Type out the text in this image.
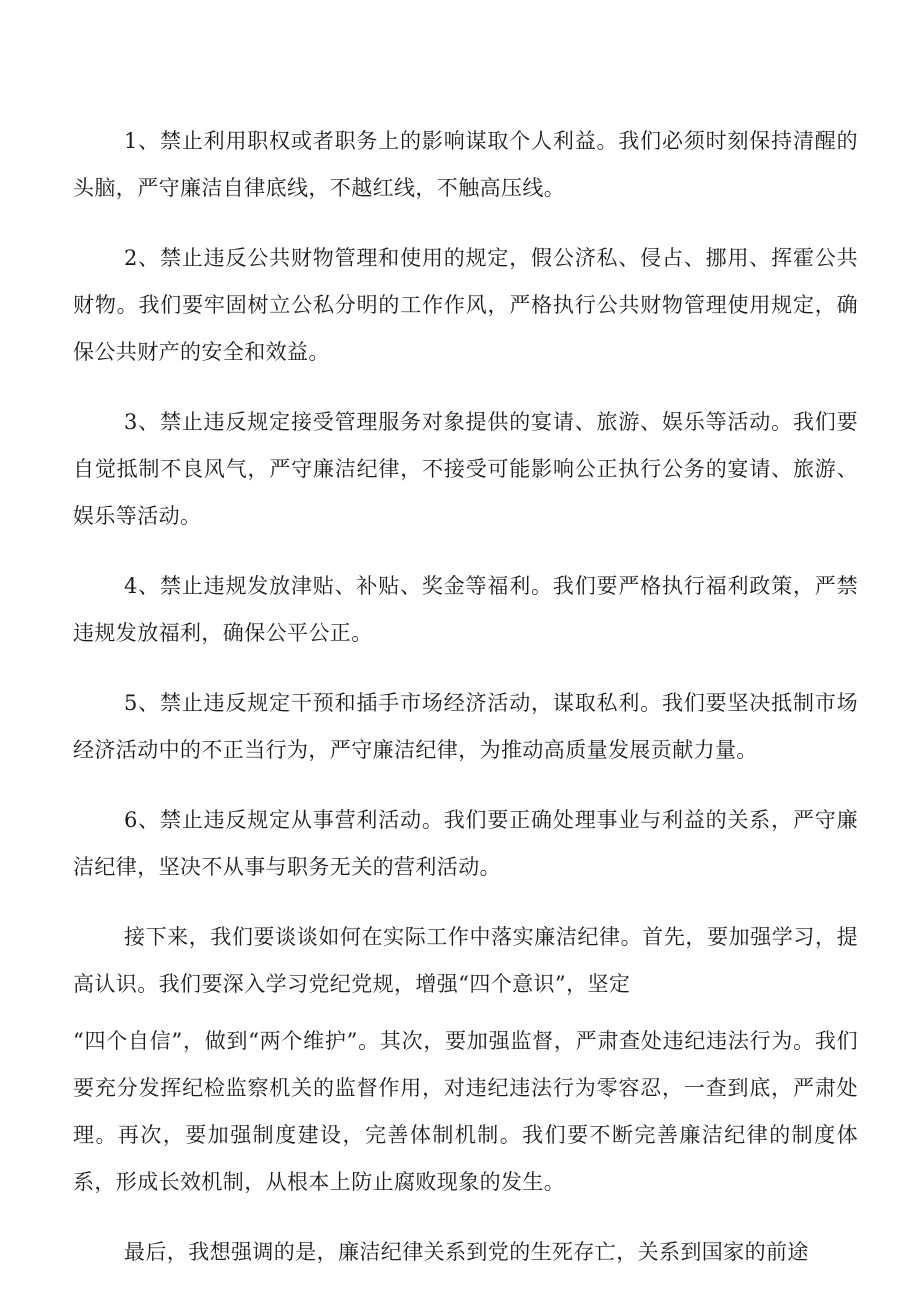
1、禁止利用职权或者职务上的影响谋取个人利益。我们必须时刻保持清醒的头脑，严守廉洁自律底线，不越红线，不触高压线。

2、禁止违反公共财物管理和使用的规定，假公济私、侵占、挪用、挥霍公共财物。我们要牢固树立公私分明的工作作风，严格执行公共财物管理使用规定，确保公共财产的安全和效益。

3、禁止违反规定接受管理服务对象提供的宴请、旅游、娱乐等活动。我们要自觉抵制不良风气，严守廉洁纪律，不接受可能影响公正执行公务的宴请、旅游、娱乐等活动。

4、禁止违规发放津贴、补贴、奖金等福利。我们要严格执行福利政策，严禁违规发放福利，确保公平公正。

5、禁止违反规定干预和插手市场经济活动，谋取私利。我们要坚决抵制市场经济活动中的不正当行为，严守廉洁纪律，为推动高质量发展贡献力量。

6、禁止违反规定从事营利活动。我们要正确处理事业与利益的关系，严守廉洁纪律，坚决不从事与职务无关的营利活动。

接下来，我们要谈谈如何在实际工作中落实廉洁纪律。首先，要加强学习，提高认识。我们要深入学习党纪党规，增强“四个意识”，坚定

“四个自信”，做到“两个维护”。其次，要加强监督，严肃查处违纪违法行为。我们要充分发挥纪检监察机关的监督作用，对违纪违法行为零容忍，一查到底，严肃处理。再次，要加强制度建设，完善体制机制。我们要不断完善廉洁纪律的制度体系，形成长效机制，从根本上防止腐败现象的发生。

最后，我想强调的是，廉洁纪律关系到党的生死存亡，关系到国家的前途
